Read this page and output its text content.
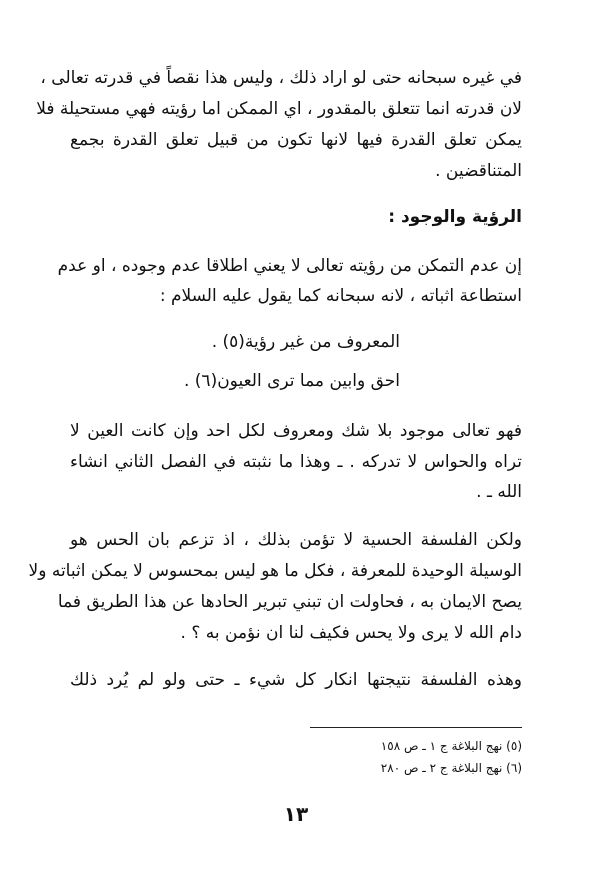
في غيره سبحانه حتى لو اراد ذلك ، وليس هذا نقصاً في قدرته تعالى ،
لان قدرته انما تتعلق بالمقدور ، اي الممكن اما رؤيته فهي مستحيلة فلا
يمكن تعلق القدرة فيها لانها تكون من قبيل تعلق القدرة بجمع
المتناقضين .
الرؤية والوجود :
إن عدم التمكن من رؤيته تعالى لا يعني اطلاقا عدم وجوده ، او عدم
استطاعة اثباته ، لانه سبحانه كما يقول عليه السلام :
المعروف من غير رؤية(٥) .
احق وابين مما ترى العيون(٦) .
فهو تعالى موجود بلا شك ومعروف لكل احد وإن كانت العين لا
تراه والحواس لا تدركه . ـ وهذا ما نثبته في الفصل الثاني انشاء
الله ـ .
ولكن الفلسفة الحسية لا تؤمن بذلك ، اذ تزعم بان الحس هو
الوسيلة الوحيدة للمعرفة ، فكل ما هو ليس بمحسوس لا يمكن اثباته ولا
يصح الايمان به ، فحاولت ان تبني تبرير الحادها عن هذا الطريق فما
دام الله لا يرى ولا يحس فكيف لنا ان نؤمن به ؟ .
وهذه الفلسفة نتيجتها انكار كل شيء ـ حتى ولو لم يُرد ذلك
(٥) نهج البلاغة ج ١ ـ ص ١٥٨
(٦) نهج البلاغة ج ٢ ـ ص ٢٨٠
١٣
